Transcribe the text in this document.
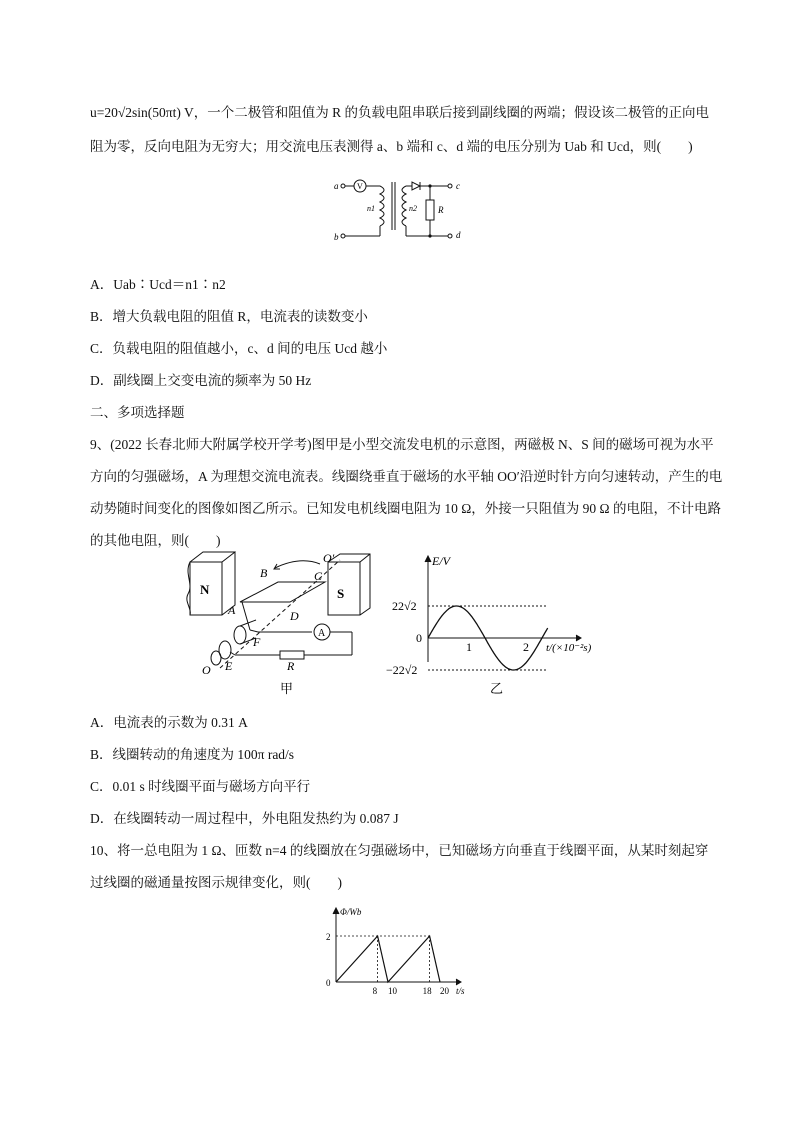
u=20√2sin(50πt) V，一个二极管和阻值为 R 的负载电阻串联后接到副线圈的两端；假设该二极管的正向电
阻为零，反向电阻为无穷大；用交流电压表测得 a、b 端和 c、d 端的电压分别为 Uab 和 Ucd，则(　　)
a
b
c
d
V
n1	n2 R
A．Uab∶Ucd＝n1∶n2
B．增大负载电阻的阻值 R，电流表的读数变小
C．负载电阻的阻值越小，c、d 间的电压 Ucd 越小
D．副线圈上交变电流的频率为 50 Hz
二、多项选择题
9、(2022 长春北师大附属学校开学考)图甲是小型交流发电机的示意图，两磁极 N、S 间的磁场可视为水平
方向的匀强磁场，A 为理想交流电流表。线圈绕垂直于磁场的水平轴 OO′沿逆时针方向匀速转动，产生的电
动势随时间变化的图像如图乙所示。已知发电机线圈电阻为 10 Ω，外接一只阻值为 90 Ω 的电阻，不计电路
的其他电阻，则(　　)
N	S
O′
B	C
A	D
F
E
O
A
R
甲
E/V
22√2
−22√2
0
1	2 t/(×10⁻²s)
乙
A．电流表的示数为 0.31 A
B．线圈转动的角速度为 100π rad/s
C．0.01 s 时线圈平面与磁场方向平行
D．在线圈转动一周过程中，外电阻发热约为 0.087 J
10、将一总电阻为 1 Ω、匝数 n=4 的线圈放在匀强磁场中，已知磁场方向垂直于线圈平面，从某时刻起穿
过线圈的磁通量按图示规律变化，则(　　)
Φ/Wb
2
0
8 10	18 20 t/s
